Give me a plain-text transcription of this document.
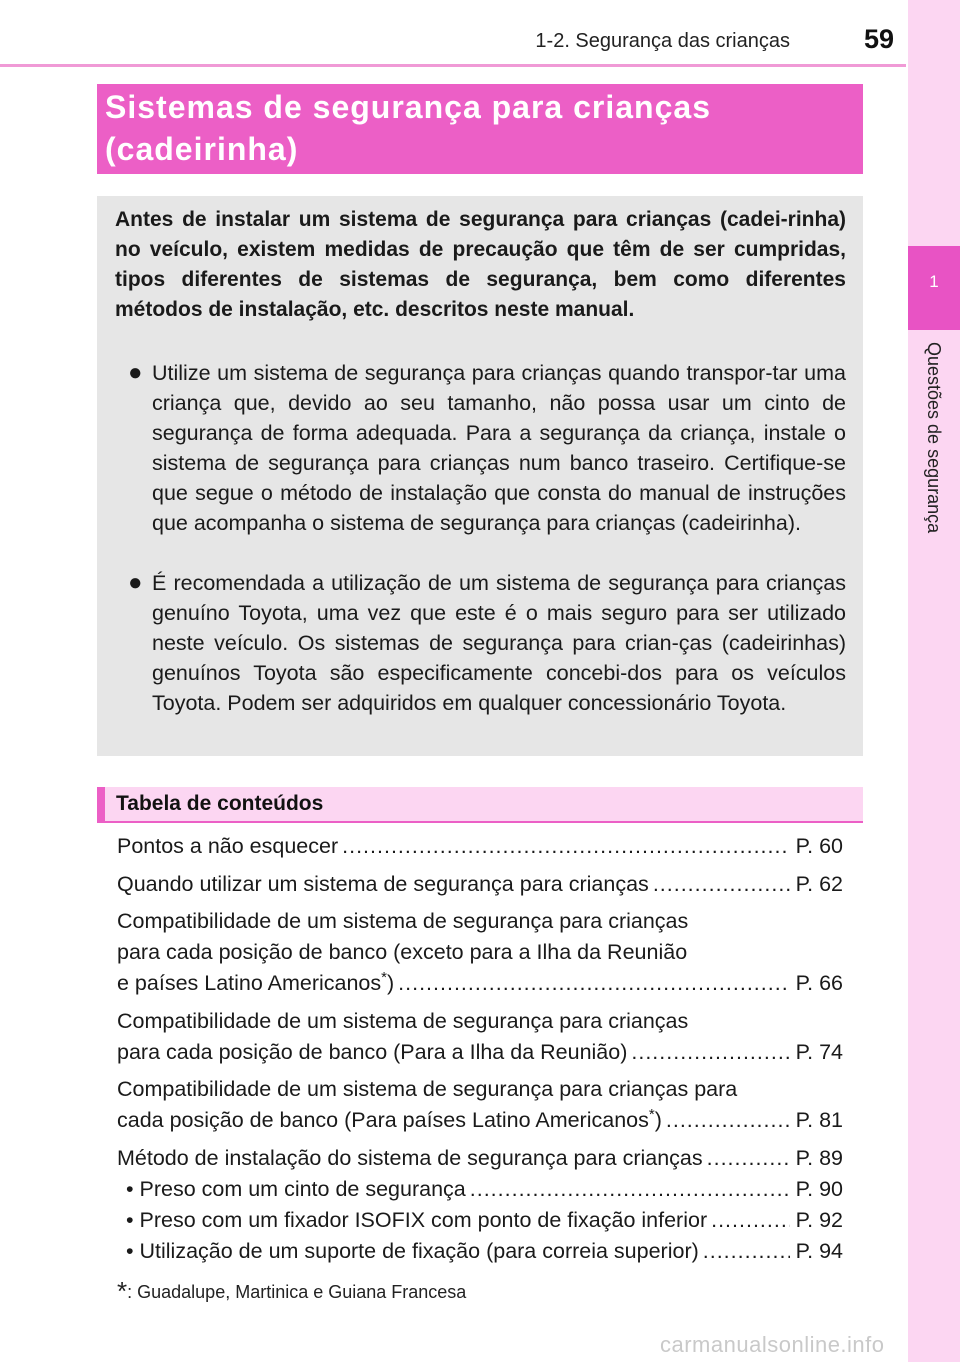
1-2. Segurança das crianças	59
1
Questões de segurança
Sistemas de segurança para crianças
(cadeirinha)
Antes de instalar um sistema de segurança para crianças (cadei-rinha) no veículo, existem medidas de precaução que têm de ser cumpridas, tipos diferentes de sistemas de segurança, bem como diferentes métodos de instalação, etc. descritos neste manual.
● Utilize um sistema de segurança para crianças quando transpor-tar uma criança que, devido ao seu tamanho, não possa usar um cinto de segurança de forma adequada. Para a segurança da criança, instale o sistema de segurança para crianças num banco traseiro. Certifique-se que segue o método de instalação que consta do manual de instruções que acompanha o sistema de segurança para crianças (cadeirinha).
● É recomendada a utilização de um sistema de segurança para crianças genuíno Toyota, uma vez que este é o mais seguro para ser utilizado neste veículo. Os sistemas de segurança para crian-ças (cadeirinhas) genuínos Toyota são especificamente concebi-dos para os veículos Toyota. Podem ser adquiridos em qualquer concessionário Toyota.
Tabela de conteúdos
Pontos a não esquecer .....	P. 60
Quando utilizar um sistema de segurança para crianças .....	P. 62
Compatibilidade de um sistema de segurança para crianças
para cada posição de banco (exceto para a Ilha da Reunião
e países Latino Americanos*) .....	P. 66
Compatibilidade de um sistema de segurança para crianças
para cada posição de banco (Para a Ilha da Reunião) .....	P. 74
Compatibilidade de um sistema de segurança para crianças para
cada posição de banco (Para países Latino Americanos*) .....	P. 81
Método de instalação do sistema de segurança para crianças .....	P. 89
• Preso com um cinto de segurança .....	P. 90
• Preso com um fixador ISOFIX com ponto de fixação inferior .....	P. 92
• Utilização de um suporte de fixação (para correia superior) .....	P. 94
*: Guadalupe, Martinica e Guiana Francesa
carmanualsonline.info
